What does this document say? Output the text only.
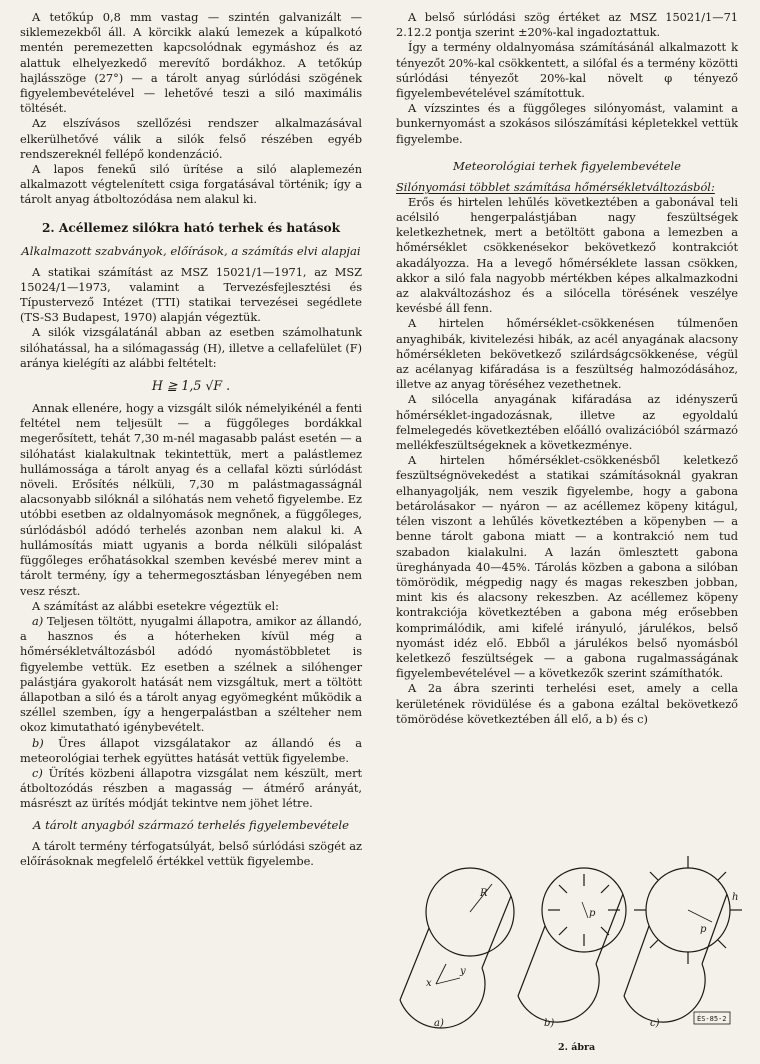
A tetőkúp 0,8 mm vastag — szintén galvanizált — siklemezekből áll. A körcikk alakú lemezek a kúpalkotó mentén peremezetten kapcsolódnak egymáshoz és az alattuk elhelyezkedő merevítő bordákhoz. A tetőkúp hajlásszöge (27°) — a tárolt anyag súrlódási szögének figyelembevételével — lehetővé teszi a siló maximális töltését.

Az elszívásos szellőzési rendszer alkalmazásával elkerülhetővé válik a silók felső részében egyéb rendszereknél fellépő kondenzáció.

A lapos fenekű siló ürítése a siló alaplemezén alkalmazott végtelenített csiga forgatásával történik; így a tárolt anyag átboltozódása nem alakul ki.

2. Acéllemez silókra ható terhek és hatások
Alkalmazott szabványok, előírások, a számítás elvi alapjai

A statikai számítást az MSZ 15021/1—1971, az MSZ 15024/1—1973, valamint a Tervezésfejlesztési és Típustervező Intézet (TTI) statikai tervezései segédlete (TS-S3 Budapest, 1970) alapján végeztük.

A silók vizsgálatánál abban az esetben számolhatunk silóhatással, ha a silómagasság (H), illetve a cellafelület (F) aránya kielégíti az alábbi feltételt:

H ≧ 1,5 √F .

Annak ellenére, hogy a vizsgált silók némelyikénél a fenti feltétel nem teljesült — a függőleges bordákkal megerősített, tehát 7,30 m-nél magasabb palást esetén — a silóhatást kialakultnak tekintettük, mert a palástlemez hullámossága a tárolt anyag és a cellafal közti súrlódást növeli. Erősítés nélküli, 7,30 m palástmagasságnál alacsonyabb silóknál a silóhatás nem vehető figyelembe. Ez utóbbi esetben az oldalnyomások megnőnek, a függőleges, súrlódásból adódó terhelés azonban nem alakul ki. A hullámosítás miatt ugyanis a borda nélküli silópalást függőleges erőhatásokkal szemben kevésbé merev mint a tárolt termény, így a tehermegosztásban lényegében nem vesz részt.

A számítást az alábbi esetekre végeztük el:

a) Teljesen töltött, nyugalmi állapotra, amikor az állandó, a hasznos és a hóterheken kívül még a hőmérsékletváltozásból adódó nyomástöbbletet is figyelembe vettük. Ez esetben a szélnek a silóhenger palástjára gyakorolt hatását nem vizsgáltuk, mert a töltött állapotban a siló és a tárolt anyag egyömegként működik a széllel szemben, így a hengerpalástban a szélteher nem okoz kimutatható igénybevételt.

b) Üres állapot vizsgálatakor az állandó és a meteorológiai terhek együttes hatását vettük figyelembe.

c) Ürítés közbeni állapotra vizsgálat nem készült, mert átboltozódás részben a magasság — átmérő arányát, másrészt az ürítés módját tekintve nem jöhet létre.

A tárolt anyagból származó terhelés figyelembevétele

A tárolt termény térfogatsúlyát, belső súrlódási szögét az előírásoknak megfelelő értékkel vettük figyelembe.

A belső súrlódási szög értéket az MSZ 15021/1—71 2.12.2 pontja szerint ±20%-kal ingadoztattuk.

Így a termény oldalnyomása számításánál alkalmazott k tényezőt 20%-kal csökkentett, a silófal és a termény közötti súrlódási tényezőt 20%-kal növelt φ tényező figyelembevételével számítottuk.

A vízszintes és a függőleges silónyomást, valamint a bunkernyomást a szokásos silószámítási képletekkel vettük figyelembe.

Meteorológiai terhek figyelembevétele
Silónyomási többlet számítása hőmérsékletváltozásból:

Erős és hirtelen lehűlés következtében a gabonával teli acélsiló hengerpalástjában nagy feszültségek keletkezhetnek, mert a betöltött gabona a lemezben a hőmérséklet csökkenésekor bekövetkező kontrakciót akadályozza. Ha a levegő hőmérséklete lassan csökken, akkor a siló fala nagyobb mértékben képes alkalmazkodni az alakváltozáshoz és a silócella törésének veszélye kevésbé áll fenn.

A hirtelen hőmérséklet-csökkenésen túlmenően anyaghibák, kivitelezési hibák, az acél anyagának alacsony hőmérsékleten bekövetkező szilárdságcsökkenése, végül az acélanyag kifáradása is a feszültség halmozódásához, illetve az anyag töréséhez vezethetnek.

A silócella anyagának kifáradása az idényszerű hőmérséklet-ingadozásnak, illetve az egyoldalú felmelegedés következtében előálló ovalizációból származó mellékfeszültségeknek a következménye.

A hirtelen hőmérséklet-csökkenésből keletkező feszültségnövekedést a statikai számításoknál gyakran elhanyagolják, nem veszik figyelembe, hogy a gabona betárolásakor — nyáron — az acéllemez köpeny kitágul, télen viszont a lehűlés következtében a köpenyben — a benne tárolt gabona miatt — a kontrakció nem tud szabadon kialakulni. A lazán ömlesztett gabona üreghányada 40—45%. Tárolás közben a gabona a silóban tömörödik, mégpedig nagy és magas rekeszben jobban, mint kis és alacsony rekeszben. Az acéllemez köpeny kontrakciója következtében a gabona még erősebben komprimálódik, ami kifelé irányuló, járulékos, belső nyomást idéz elő. Ebből a járulékos belső nyomásból keletkező feszültségek — a gabona rugalmasságának figyelembevételével — a következők szerint számíthatók.

A 2a ábra szerinti terhelési eset, amely a cella kerületének rövidülése és a gabona ezáltal bekövetkező tömörödése következtében áll elő, a b) és c)

R
x
y
p
p
h
a)	b)	c)	ÉS-85-2
2. ábra
